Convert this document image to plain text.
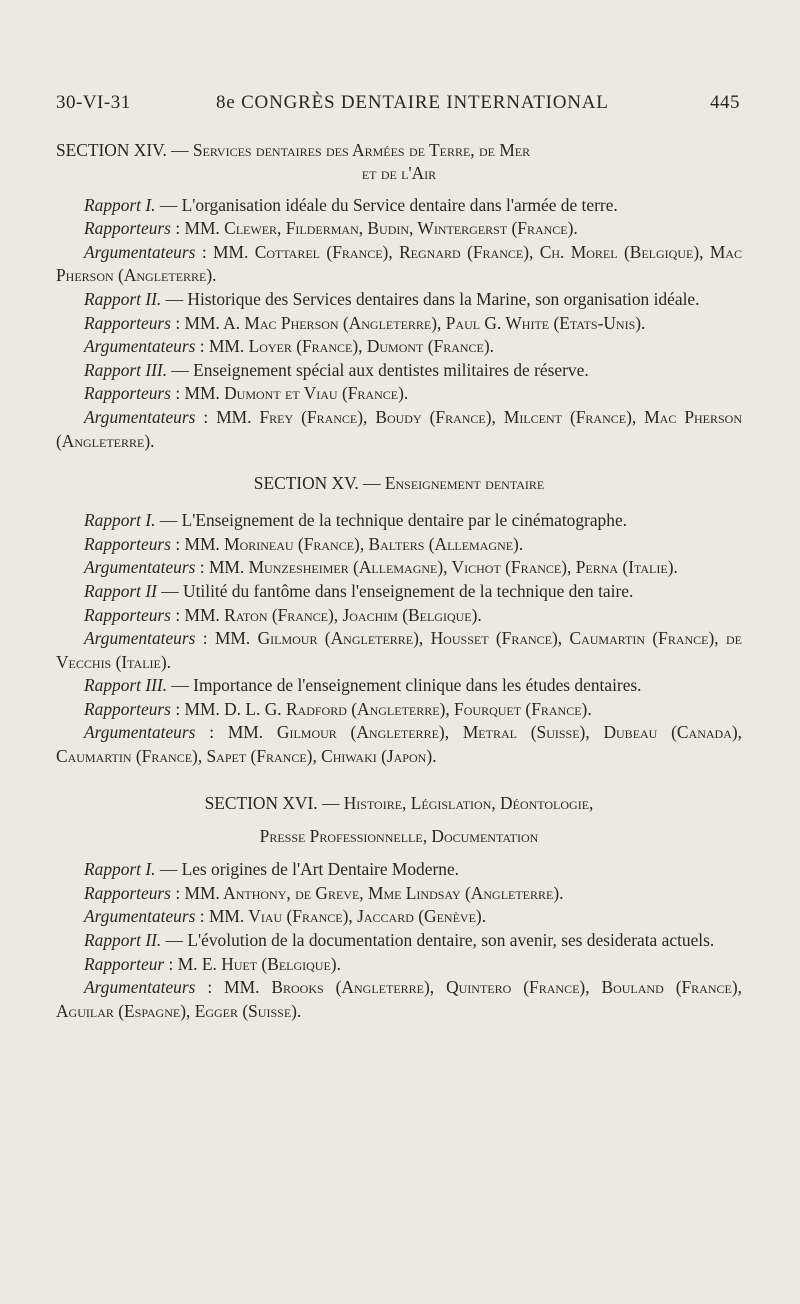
30-VI-31	8e CONGRÈS DENTAIRE INTERNATIONAL	445

SECTION XIV. — Services dentaires des Armées de Terre, de Mer

et de l'Air

Rapport I. — L'organisation idéale du Service dentaire dans l'armée de terre.

Rapporteurs : MM. Clewer, Filderman, Budin, Wintergerst (France).

Argumentateurs : MM. Cottarel (France), Regnard (France), Ch. Morel (Belgique), Mac Pherson (Angleterre).

Rapport II. — Historique des Services dentaires dans la Marine, son organisation idéale.

Rapporteurs : MM. A. Mac Pherson (Angleterre), Paul G. White (Etats-Unis).

Argumentateurs : MM. Loyer (France), Dumont (France).

Rapport III. — Enseignement spécial aux dentistes militaires de réserve.

Rapporteurs : MM. Dumont et Viau (France).

Argumentateurs : MM. Frey (France), Boudy (France), Milcent (France), Mac Pherson (Angleterre).

SECTION XV. — Enseignement dentaire

Rapport I. — L'Enseignement de la technique dentaire par le cinématographe.

Rapporteurs : MM. Morineau (France), Balters (Allemagne).

Argumentateurs : MM. Munzesheimer (Allemagne), Vichot (France), Perna (Italie).

Rapport II — Utilité du fantôme dans l'enseignement de la technique den taire.

Rapporteurs : MM. Raton (France), Joachim (Belgique).

Argumentateurs : MM. Gilmour (Angleterre), Housset (France), Caumartin (France), de Vecchis (Italie).

Rapport III. — Importance de l'enseignement clinique dans les études dentaires.

Rapporteurs : MM. D. L. G. Radford (Angleterre), Fourquet (France).

Argumentateurs : MM. Gilmour (Angleterre), Metral (Suisse), Dubeau (Canada), Caumartin (France), Sapet (France), Chiwaki (Japon).

SECTION XVI. — Histoire, Législation, Déontologie,

Presse Professionnelle, Documentation

Rapport I. — Les origines de l'Art Dentaire Moderne.

Rapporteurs : MM. Anthony, de Greve, Mme Lindsay (Angleterre).

Argumentateurs : MM. Viau (France), Jaccard (Genève).

Rapport II. — L'évolution de la documentation dentaire, son avenir, ses desiderata actuels.

Rapporteur : M. E. Huet (Belgique).

Argumentateurs : MM. Brooks (Angleterre), Quintero (France), Bouland (France), Aguilar (Espagne), Egger (Suisse).
